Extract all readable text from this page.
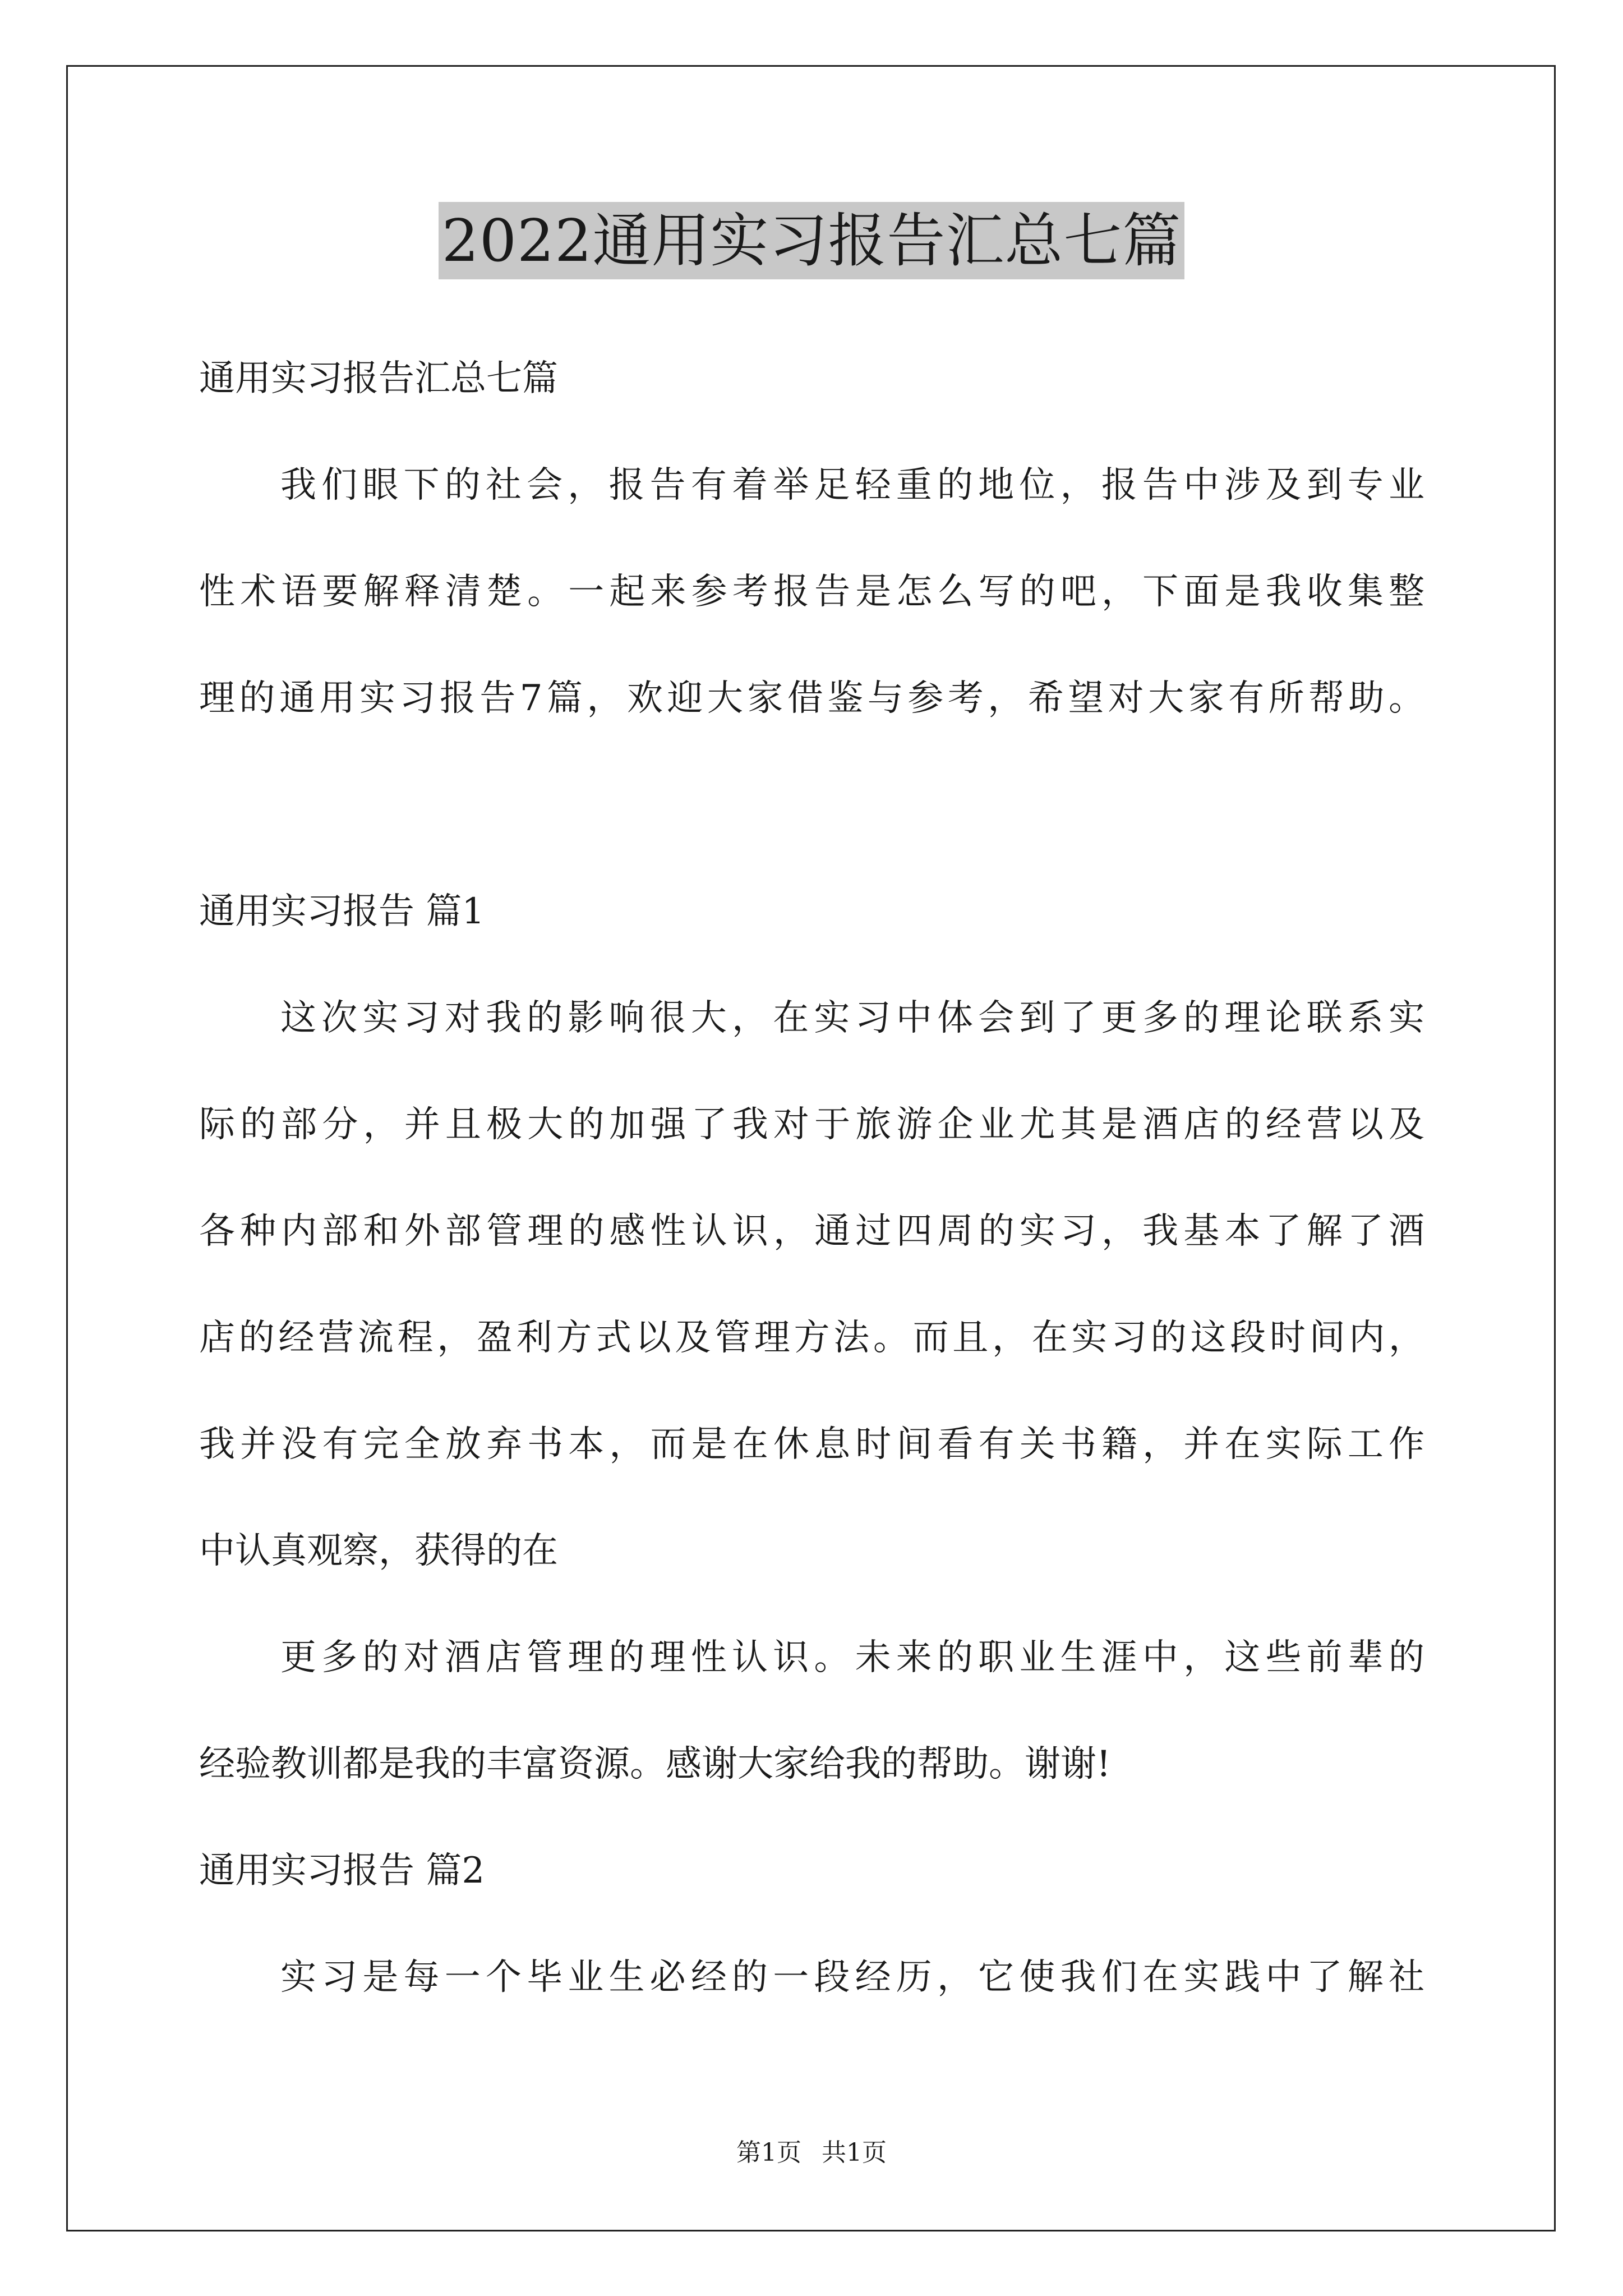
2022通用实习报告汇总七篇
通用实习报告汇总七篇
我们眼下的社会，报告有着举足轻重的地位，报告中涉及到专业
性术语要解释清楚。一起来参考报告是怎么写的吧，下面是我收集整
理的通用实习报告7篇，欢迎大家借鉴与参考，希望对大家有所帮助。
通用实习报告 篇1
这次实习对我的影响很大，在实习中体会到了更多的理论联系实
际的部分，并且极大的加强了我对于旅游企业尤其是酒店的经营以及
各种内部和外部管理的感性认识，通过四周的实习，我基本了解了酒
店的经营流程，盈利方式以及管理方法。而且，在实习的这段时间内，
我并没有完全放弃书本，而是在休息时间看有关书籍，并在实际工作
中认真观察，获得的在
更多的对酒店管理的理性认识。未来的职业生涯中，这些前辈的
经验教训都是我的丰富资源。感谢大家给我的帮助。谢谢!
通用实习报告 篇2
实习是每一个毕业生必经的一段经历，它使我们在实践中了解社
第1页 共1页
